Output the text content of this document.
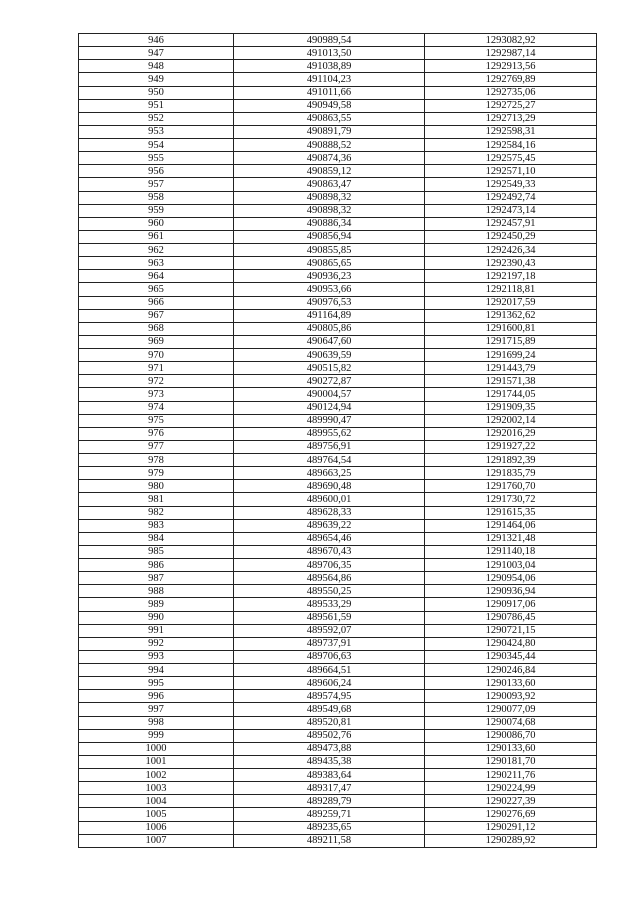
946	490989,54	1293082,92
947	491013,50	1292987,14
948	491038,89	1292913,56
949	491104,23	1292769,89
950	491011,66	1292735,06
951	490949,58	1292725,27
952	490863,55	1292713,29
953	490891,79	1292598,31
954	490888,52	1292584,16
955	490874,36	1292575,45
956	490859,12	1292571,10
957	490863,47	1292549,33
958	490898,32	1292492,74
959	490898,32	1292473,14
960	490886,34	1292457,91
961	490856,94	1292450,29
962	490855,85	1292426,34
963	490865,65	1292390,43
964	490936,23	1292197,18
965	490953,66	1292118,81
966	490976,53	1292017,59
967	491164,89	1291362,62
968	490805,86	1291600,81
969	490647,60	1291715,89
970	490639,59	1291699,24
971	490515,82	1291443,79
972	490272,87	1291571,38
973	490004,57	1291744,05
974	490124,94	1291909,35
975	489990,47	1292002,14
976	489955,62	1292016,29
977	489756,91	1291927,22
978	489764,54	1291892,39
979	489663,25	1291835,79
980	489690,48	1291760,70
981	489600,01	1291730,72
982	489628,33	1291615,35
983	489639,22	1291464,06
984	489654,46	1291321,48
985	489670,43	1291140,18
986	489706,35	1291003,04
987	489564,86	1290954,06
988	489550,25	1290936,94
989	489533,29	1290917,06
990	489561,59	1290786,45
991	489592,07	1290721,15
992	489737,91	1290424,80
993	489706,63	1290345,44
994	489664,51	1290246,84
995	489606,24	1290133,60
996	489574,95	1290093,92
997	489549,68	1290077,09
998	489520,81	1290074,68
999	489502,76	1290086,70
1000	489473,88	1290133,60
1001	489435,38	1290181,70
1002	489383,64	1290211,76
1003	489317,47	1290224,99
1004	489289,79	1290227,39
1005	489259,71	1290276,69
1006	489235,65	1290291,12
1007	489211,58	1290289,92
